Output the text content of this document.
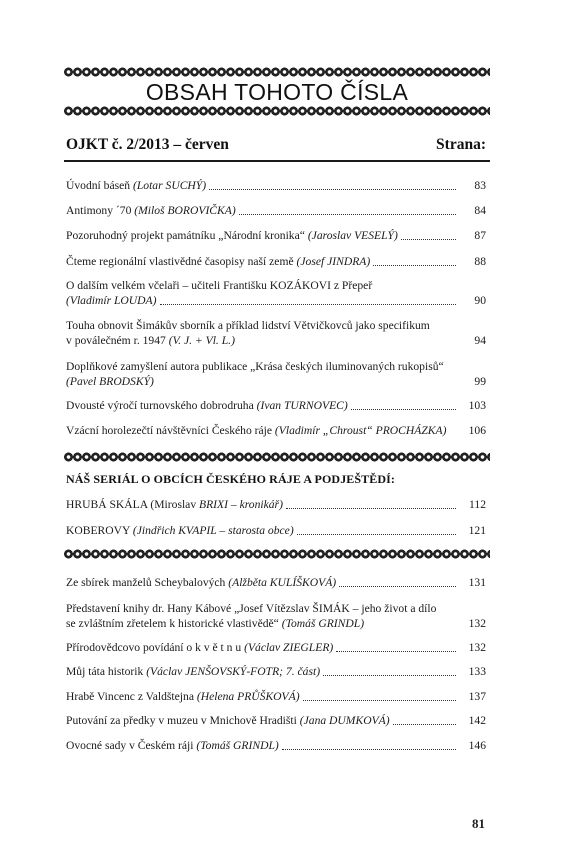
OBSAH TOHOTO ČÍSLA
OJKT č. 2/2013 – červen	Strana:
Úvodní báseň (Lotar SUCHÝ)	83
Antimony ´70 (Miloš BOROVIČKA)	84
Pozoruhodný projekt památníku „Národní kronika“ (Jaroslav VESELÝ)	87
Čteme regionální vlastivědné časopisy naší země (Josef JINDRA)	88
O dalším velkém včelaři – učiteli Františku KOZÁKOVI z Přepeř
(Vladimír LOUDA)	90
Touha obnovit Šimákův sborník a příklad lidství Větvičkovců jako specifikum
v poválečném r. 1947 (V. J. + Vl. L.)	94
Doplňkové zamyšlení autora publikace „Krása českých iluminovaných rukopisů“
(Pavel BRODSKÝ)	99
Dvousté výročí turnovského dobrodruha (Ivan TURNOVEC)	103
Vzácní horolezečtí návštěvníci Českého ráje (Vladimír „Chroust“ PROCHÁZKA)	106
NÁŠ SERIÁL O OBCÍCH ČESKÉHO RÁJE A PODJEŠTĚDÍ:
HRUBÁ SKÁLA (Miroslav BRIXI – kronikář)	112
KOBEROVY (Jindřich KVAPIL – starosta obce)	121
Ze sbírek manželů Scheybalových (Alžběta KULÍŠKOVÁ)	131
Představení knihy dr. Hany Kábové „Josef Vítězslav ŠIMÁK – jeho život a dílo
se zvláštním zřetelem k historické vlastivědě“ (Tomáš GRINDL)	132
Přírodovědcovo povídání o k v ě t n u (Václav ZIEGLER)	132
Můj táta historik (Václav JENŠOVSKÝ-FOTR; 7. část)	133
Hrabě Vincenc z Valdštejna (Helena PRŮŠKOVÁ)	137
Putování za předky v muzeu v Mnichově Hradišti (Jana DUMKOVÁ)	142
Ovocné sady v Českém ráji (Tomáš GRINDL)	146
81
